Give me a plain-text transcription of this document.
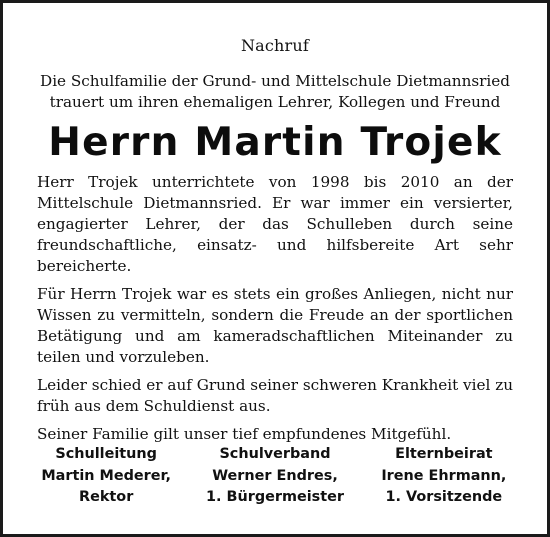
Nachruf

Die Schulfamilie der Grund- und Mittelschule Dietmannsried

trauert um ihren ehemaligen Lehrer, Kollegen und Freund

Herrn Martin Trojek

Herr Trojek unterrichtete von 1998 bis 2010 an der Mittelschule Dietmannsried. Er war immer ein versierter, engagierter Lehrer, der das Schulleben durch seine freundschaftliche, einsatz- und hilfsbereite Art sehr bereicherte.

Für Herrn Trojek war es stets ein großes Anliegen, nicht nur Wissen zu vermitteln, sondern die Freude an der sportlichen Betätigung und am kameradschaftlichen Miteinander zu teilen und vorzuleben.

Leider schied er auf Grund seiner schweren Krankheit viel zu früh aus dem Schuldienst aus.

Seiner Familie gilt unser tief empfundenes Mitgefühl.

Schulleitung
Martin Mederer,
Rektor
Schulverband
Werner Endres,
1. Bürgermeister
Elternbeirat
Irene Ehrmann,
1. Vorsitzende
